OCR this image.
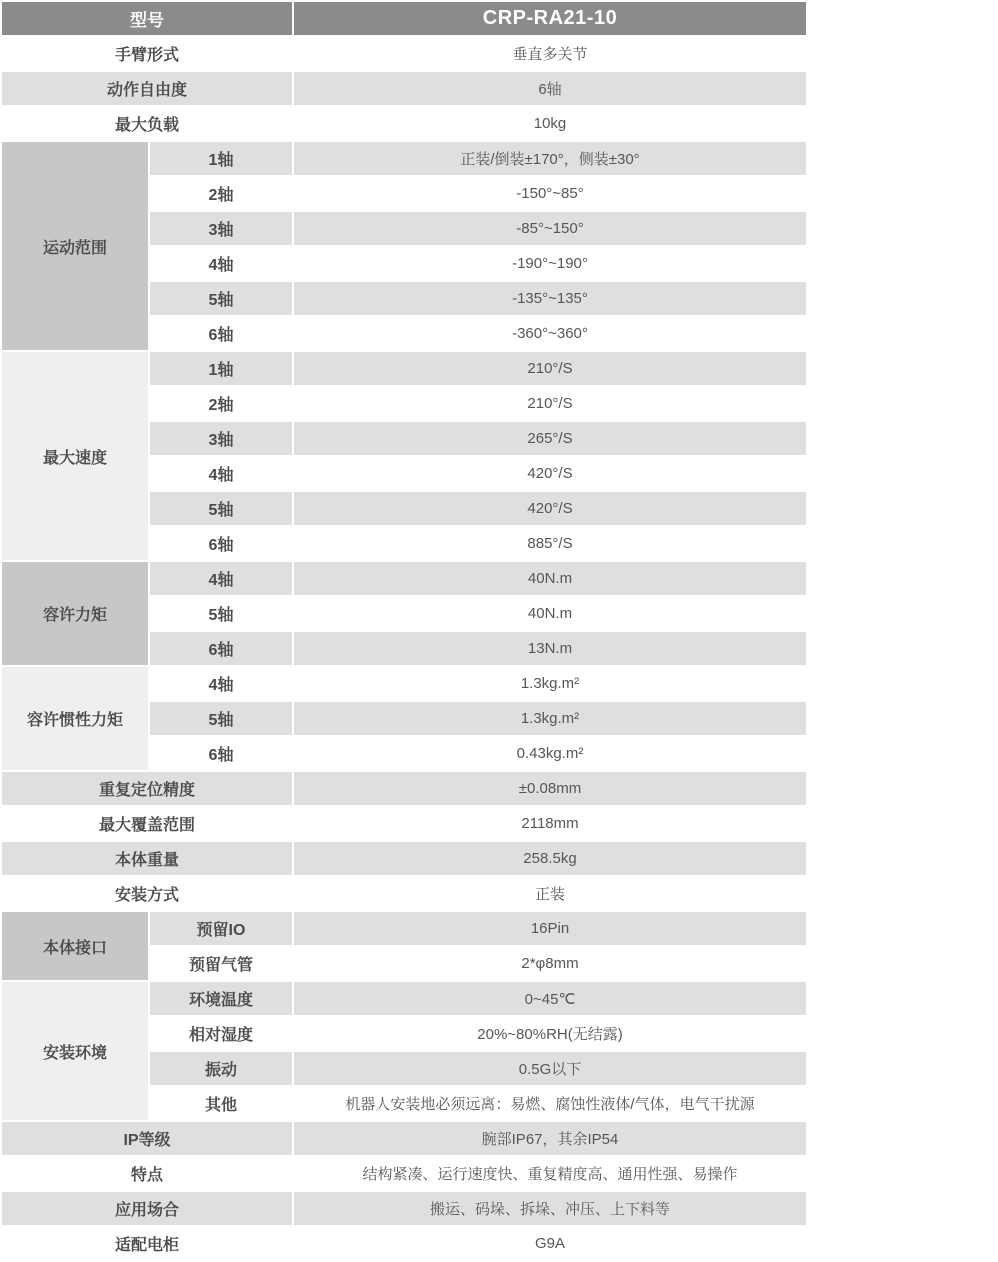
型号		CRP-RA21-10
手臂形式		垂直多关节
动作自由度		6轴
最大负载		10kg
运动范围	1轴	正装/倒装±170°，侧装±30°
	2轴	-150°~85°
	3轴	-85°~150°
	4轴	-190°~190°
	5轴	-135°~135°
	6轴	-360°~360°
最大速度	1轴	210°/S
	2轴	210°/S
	3轴	265°/S
	4轴	420°/S
	5轴	420°/S
	6轴	885°/S
容许力矩	4轴	40N.m
	5轴	40N.m
	6轴	13N.m
容许惯性力矩	4轴	1.3kg.m²
	5轴	1.3kg.m²
	6轴	0.43kg.m²
重复定位精度		±0.08mm
最大覆盖范围		2118mm
本体重量		258.5kg
安装方式		正装
本体接口	预留IO	16Pin
	预留气管	2*φ8mm
安装环境	环境温度	0~45℃
	相对湿度	20%~80%RH(无结露)
	振动	0.5G以下
	其他	机器人安装地必须远离：易燃、腐蚀性液体/气体，电气干扰源
IP等级		腕部IP67，其余IP54
特点		结构紧凑、运行速度快、重复精度高、通用性强、易操作
应用场合		搬运、码垛、拆垛、冲压、上下料等
适配电柜		G9A
